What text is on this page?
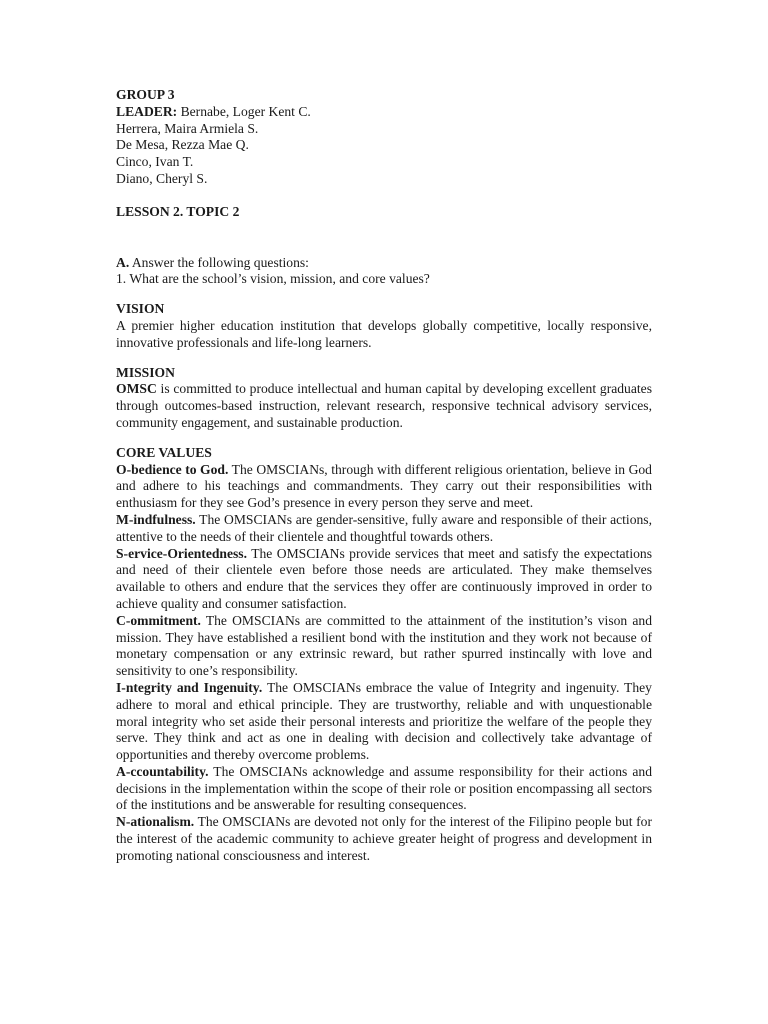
GROUP 3
LEADER: Bernabe, Loger Kent C.
Herrera, Maira Armiela S.
De Mesa, Rezza Mae Q.
Cinco, Ivan T.
Diano, Cheryl S.
LESSON 2. TOPIC 2
A. Answer the following questions:
1. What are the school’s vision, mission, and core values?
VISION

A premier higher education institution that develops globally competitive, locally responsive, innovative professionals and life-long learners.

MISSION

OMSC is committed to produce intellectual and human capital by developing excellent graduates through outcomes-based instruction, relevant research, responsive technical advisory services, community engagement, and sustainable production.

CORE VALUES

O-bedience to God. The OMSCIANs, through with different religious orientation, believe in God and adhere to his teachings and commandments. They carry out their responsibilities with enthusiasm for they see God’s presence in every person they serve and meet.

M-indfulness. The OMSCIANs are gender-sensitive, fully aware and responsible of their actions, attentive to the needs of their clientele and thoughtful towards others.

S-ervice-Orientedness. The OMSCIANs provide services that meet and satisfy the expectations and need of their clientele even before those needs are articulated. They make themselves available to others and endure that the services they offer are continuously improved in order to achieve quality and consumer satisfaction.

C-ommitment. The OMSCIANs are committed to the attainment of the institution’s vison and mission. They have established a resilient bond with the institution and they work not because of monetary compensation or any extrinsic reward, but rather spurred instincally with love and sensitivity to one’s responsibility.

I-ntegrity and Ingenuity. The OMSCIANs embrace the value of Integrity and ingenuity. They adhere to moral and ethical principle. They are trustworthy, reliable and with unquestionable moral integrity who set aside their personal interests and prioritize the welfare of the people they serve. They think and act as one in dealing with decision and collectively take advantage of opportunities and thereby overcome problems.

A-ccountability. The OMSCIANs acknowledge and assume responsibility for their actions and decisions in the implementation within the scope of their role or position encompassing all sectors of the institutions and be answerable for resulting consequences.

N-ationalism. The OMSCIANs are devoted not only for the interest of the Filipino people but for the interest of the academic community to achieve greater height of progress and development in promoting national consciousness and interest.
